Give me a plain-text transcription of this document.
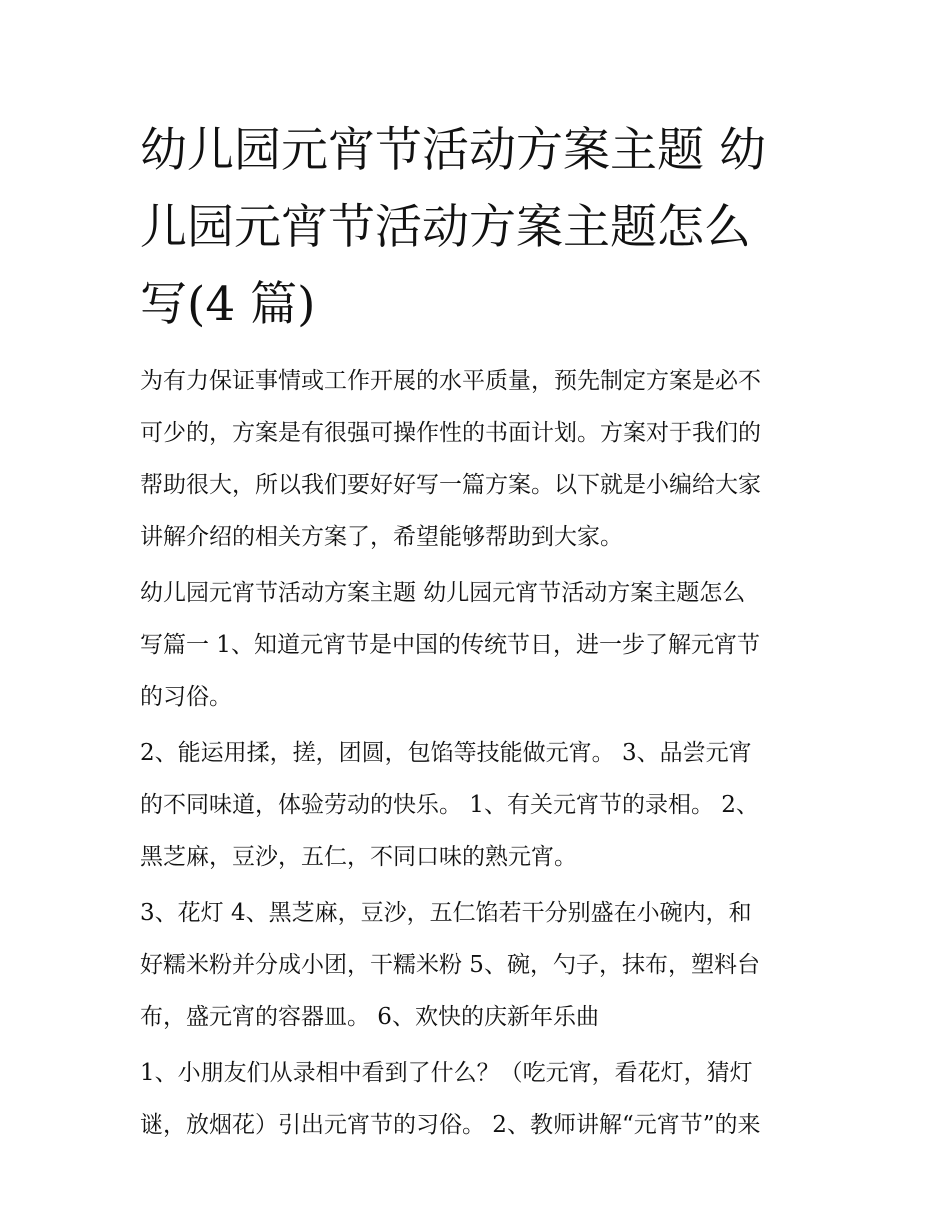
幼儿园元宵节活动方案主题 幼
儿园元宵节活动方案主题怎么
写(4 篇)

为有力保证事情或工作开展的水平质量，预先制定方案是必不
可少的，方案是有很强可操作性的书面计划。方案对于我们的
帮助很大，所以我们要好好写一篇方案。以下就是小编给大家
讲解介绍的相关方案了，希望能够帮助到大家。

幼儿园元宵节活动方案主题 幼儿园元宵节活动方案主题怎么
写篇一 1、知道元宵节是中国的传统节日，进一步了解元宵节
的习俗。

2、能运用揉，搓，团圆，包馅等技能做元宵。 3、品尝元宵
的不同味道，体验劳动的快乐。 1、有关元宵节的录相。 2、
黑芝麻，豆沙，五仁，不同口味的熟元宵。

3、花灯 4、黑芝麻，豆沙，五仁馅若干分别盛在小碗内，和
好糯米粉并分成小团，干糯米粉 5、碗，勺子，抹布，塑料台
布，盛元宵的容器皿。 6、欢快的庆新年乐曲

1、小朋友们从录相中看到了什么？（吃元宵，看花灯，猜灯
谜，放烟花）引出元宵节的习俗。 2、教师讲解“元宵节”的来
